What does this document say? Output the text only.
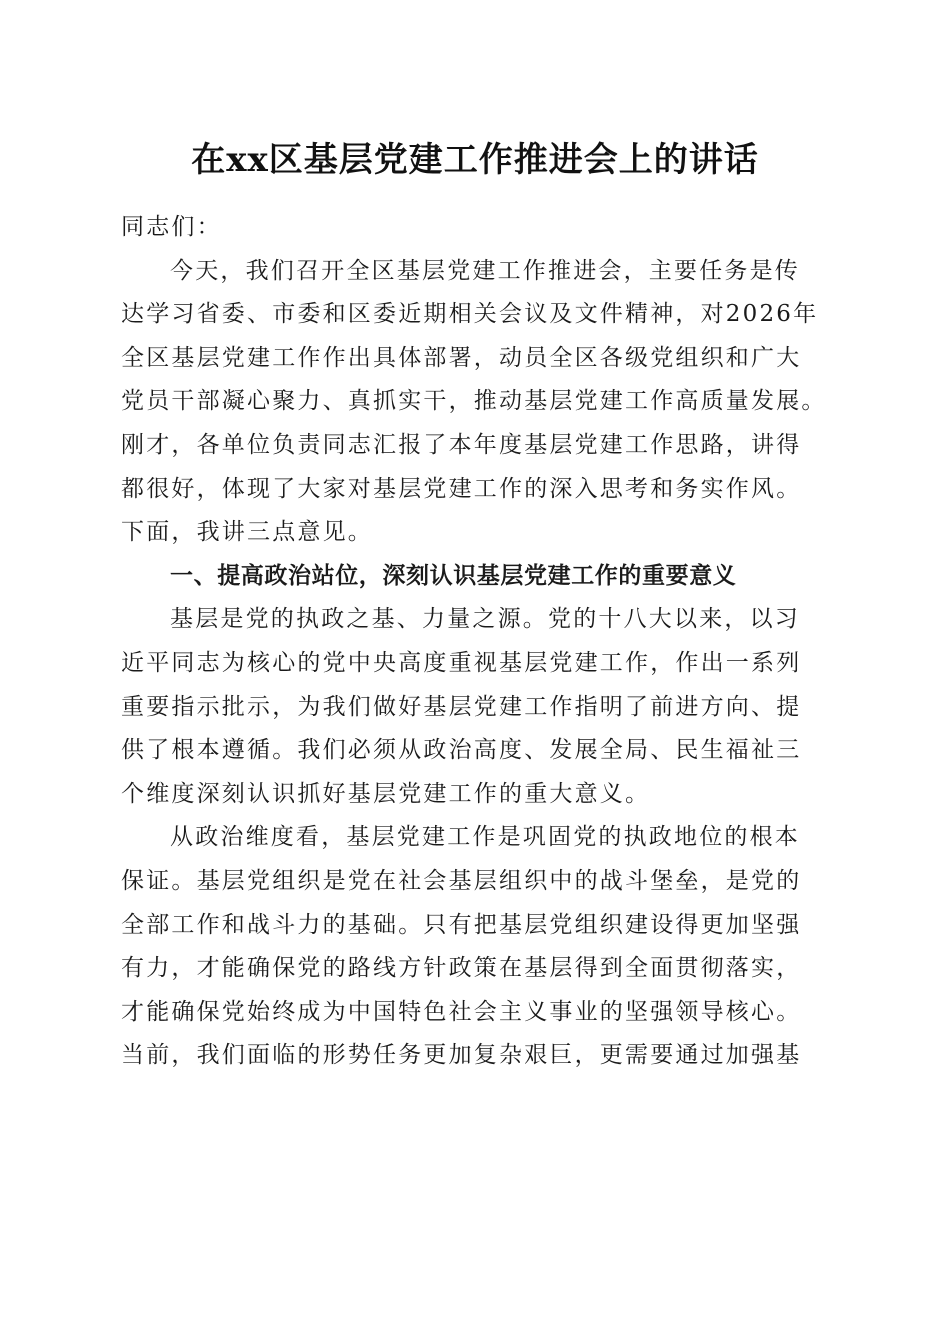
在xx区基层党建工作推进会上的讲话
同志们：
今天，我们召开全区基层党建工作推进会，主要任务是传
达学习省委、市委和区委近期相关会议及文件精神，对2026年
全区基层党建工作作出具体部署，动员全区各级党组织和广大
党员干部凝心聚力、真抓实干，推动基层党建工作高质量发展。
刚才，各单位负责同志汇报了本年度基层党建工作思路，讲得
都很好，体现了大家对基层党建工作的深入思考和务实作风。
下面，我讲三点意见。
一、提高政治站位，深刻认识基层党建工作的重要意义
基层是党的执政之基、力量之源。党的十八大以来，以习
近平同志为核心的党中央高度重视基层党建工作，作出一系列
重要指示批示，为我们做好基层党建工作指明了前进方向、提
供了根本遵循。我们必须从政治高度、发展全局、民生福祉三
个维度深刻认识抓好基层党建工作的重大意义。
从政治维度看，基层党建工作是巩固党的执政地位的根本
保证。基层党组织是党在社会基层组织中的战斗堡垒，是党的
全部工作和战斗力的基础。只有把基层党组织建设得更加坚强
有力，才能确保党的路线方针政策在基层得到全面贯彻落实，
才能确保党始终成为中国特色社会主义事业的坚强领导核心。
当前，我们面临的形势任务更加复杂艰巨，更需要通过加强基
